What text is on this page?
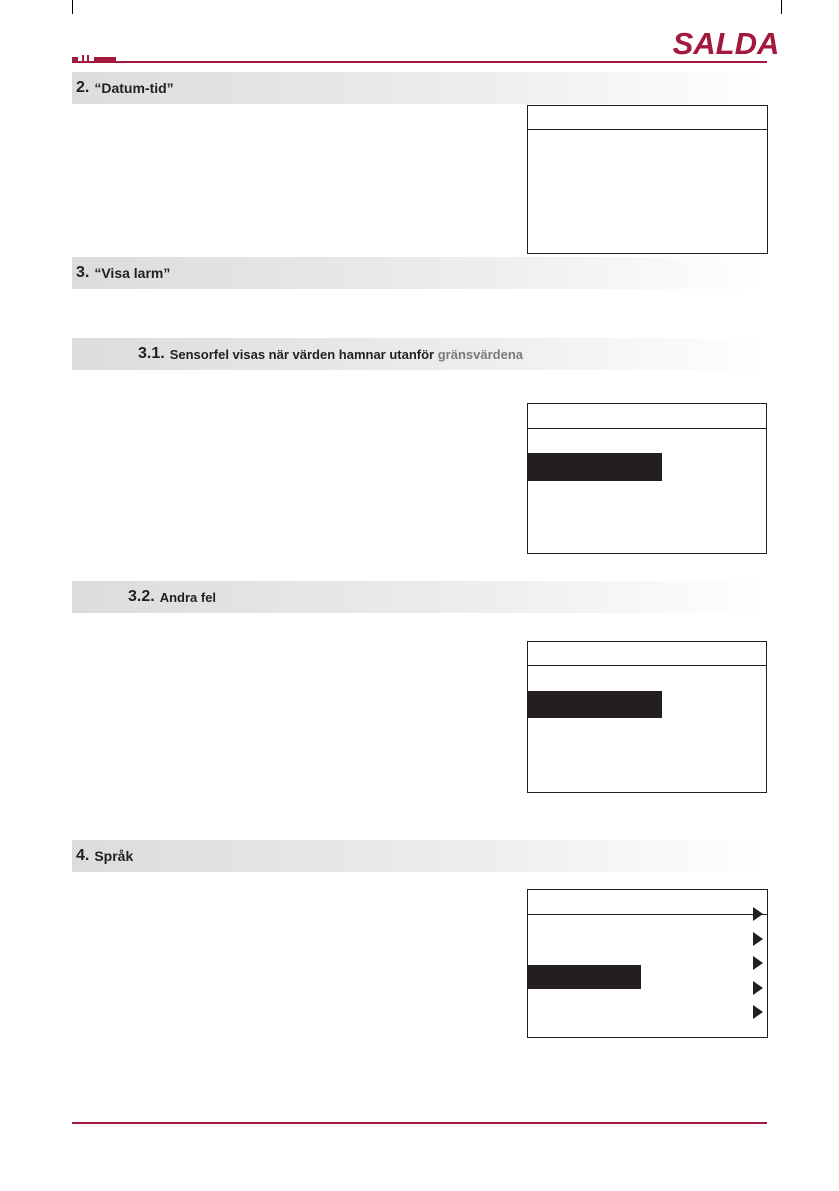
SALDA
2. “Datum-tid”
3. “Visa larm”
3.1. Sensorfel visas när värden hamnar utanför gränsvärdena
3.2. Andra fel
4. Språk
